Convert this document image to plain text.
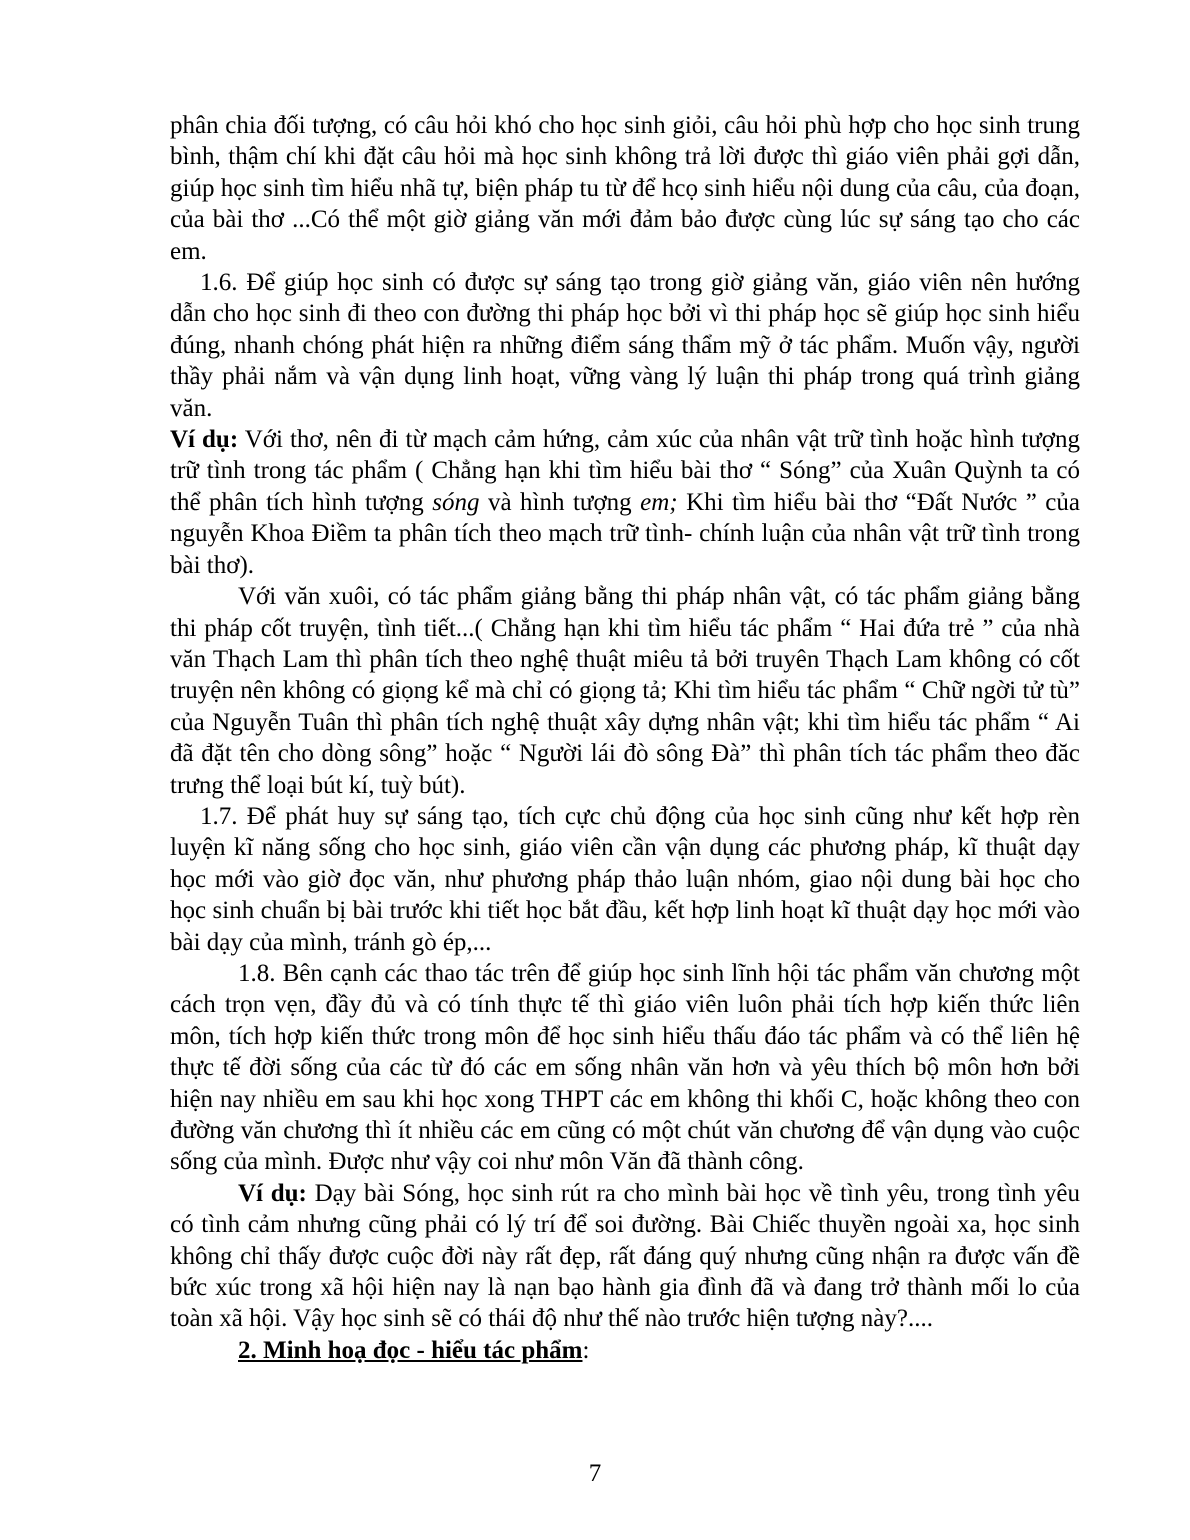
phân chia đối tượng, có câu hỏi khó cho học sinh giỏi, câu hỏi phù hợp cho học sinh trung bình, thậm chí khi đặt câu hỏi mà học sinh không trả lời được thì giáo viên phải gợi dẫn, giúp học sinh tìm hiểu nhã tự, biện pháp tu từ để hcọ sinh hiểu nội dung của câu, của đoạn, của bài thơ ...Có thể một giờ giảng văn mới đảm bảo được cùng lúc sự sáng tạo cho các em.

1.6. Để giúp học sinh có được sự sáng tạo trong giờ giảng văn, giáo viên nên hướng dẫn cho học sinh đi theo con đường thi pháp học bởi vì thi pháp học sẽ giúp học sinh hiểu đúng, nhanh chóng phát hiện ra những điểm sáng thẩm mỹ ở tác phẩm. Muốn vậy, người thầy phải nắm và vận dụng linh hoạt, vững vàng lý luận thi pháp trong quá trình giảng văn.

Ví dụ: Với thơ, nên đi từ mạch cảm hứng, cảm xúc của nhân vật trữ tình hoặc hình tượng trữ tình trong tác phẩm ( Chẳng hạn khi tìm hiểu bài thơ “ Sóng” của Xuân Quỳnh ta có thể phân tích hình tượng sóng và hình tượng em; Khi tìm hiểu bài thơ “Đất Nước ” của nguyễn Khoa Điềm ta phân tích theo mạch trữ tình- chính luận của nhân vật trữ tình trong bài thơ).

Với văn xuôi, có tác phẩm giảng bằng thi pháp nhân vật, có tác phẩm giảng bằng thi pháp cốt truyện, tình tiết...( Chẳng hạn khi tìm hiểu tác phẩm “ Hai đứa trẻ ” của nhà văn Thạch Lam thì phân tích theo nghệ thuật miêu tả bởi truyên Thạch Lam không có cốt truyện nên không có giọng kể mà chỉ có giọng tả; Khi tìm hiểu tác phẩm “ Chữ ngời tử tù” của Nguyễn Tuân thì phân tích nghệ thuật xây dựng nhân vật; khi tìm hiểu tác phẩm “ Ai đã đặt tên cho dòng sông” hoặc “ Người lái đò sông Đà” thì phân tích tác phẩm theo đăc trưng thể loại bút kí, tuỳ bút).

1.7. Để phát huy sự sáng tạo, tích cực chủ động của học sinh cũng như kết hợp rèn luyện kĩ năng sống cho học sinh, giáo viên cần vận dụng các phương pháp, kĩ thuật dạy học mới vào giờ đọc văn, như phương pháp thảo luận nhóm, giao nội dung bài học cho học sinh chuẩn bị bài trước khi tiết học bắt đầu, kết hợp linh hoạt kĩ thuật dạy học mới vào bài dạy của mình, tránh gò ép,...

1.8. Bên cạnh các thao tác trên để giúp học sinh lĩnh hội tác phẩm văn chương một cách trọn vẹn, đầy đủ và có tính thực tế thì giáo viên luôn phải tích hợp kiến thức liên môn, tích hợp kiến thức trong môn để học sinh hiểu thấu đáo tác phẩm và có thể liên hệ thực tế đời sống của các từ đó các em sống nhân văn hơn và yêu thích bộ môn hơn bởi hiện nay nhiều em sau khi học xong THPT các em không thi khối C, hoặc không theo con đường văn chương thì ít nhiều các em cũng có một chút văn chương để vận dụng vào cuộc sống của mình. Được như vậy coi như môn Văn đã thành công.

Ví dụ: Dạy bài Sóng, học sinh rút ra cho mình bài học về tình yêu, trong tình yêu có tình cảm nhưng cũng phải có lý trí để soi đường. Bài Chiếc thuyền ngoài xa, học sinh không chỉ thấy được cuộc đời này rất đẹp, rất đáng quý nhưng cũng nhận ra được vấn đề bức xúc trong xã hội hiện nay là nạn bạo hành gia đình đã và đang trở thành mối lo của toàn xã hội. Vậy học sinh sẽ có thái độ như thế nào trước hiện tượng này?....

2. Minh hoạ đọc - hiểu tác phẩm:

7
